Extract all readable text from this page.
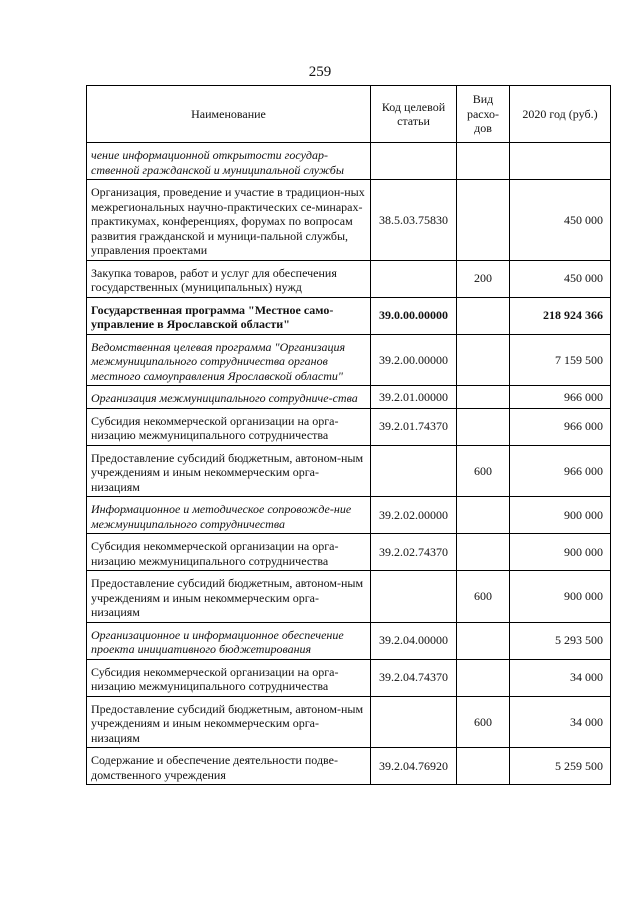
259
Наименование	Код целевой статьи	Вид расхо-дов	2020 год (руб.)
чение информационной открытости государ-ственной гражданской и муниципальной службы			
Организация, проведение и участие в традицион-ных межрегиональных научно-практических се-минарах-практикумах, конференциях, форумах по вопросам развития гражданской и муници-пальной службы, управления проектами	38.5.03.75830		450 000
Закупка товаров, работ и услуг для обеспечения государственных (муниципальных) нужд		200	450 000
Государственная программа "Местное само-управление в Ярославской области"	39.0.00.00000		218 924 366
Ведомственная целевая программа "Организация межмуниципального сотрудничества органов местного самоуправления Ярославской области"	39.2.00.00000		7 159 500
Организация межмуниципального сотрудниче-ства	39.2.01.00000		966 000
Субсидия некоммерческой организации на орга-низацию межмуниципального сотрудничества	39.2.01.74370		966 000
Предоставление субсидий бюджетным, автоном-ным учреждениям и иным некоммерческим орга-низациям		600	966 000
Информационное и методическое сопровожде-ние межмуниципального сотрудничества	39.2.02.00000		900 000
Субсидия некоммерческой организации на орга-низацию межмуниципального сотрудничества	39.2.02.74370		900 000
Предоставление субсидий бюджетным, автоном-ным учреждениям и иным некоммерческим орга-низациям		600	900 000
Организационное и информационное обеспечение проекта инициативного бюджетирования	39.2.04.00000		5 293 500
Субсидия некоммерческой организации на орга-низацию межмуниципального сотрудничества	39.2.04.74370		34 000
Предоставление субсидий бюджетным, автоном-ным учреждениям и иным некоммерческим орга-низациям		600	34 000
Содержание и обеспечение деятельности подве-домственного учреждения	39.2.04.76920		5 259 500
